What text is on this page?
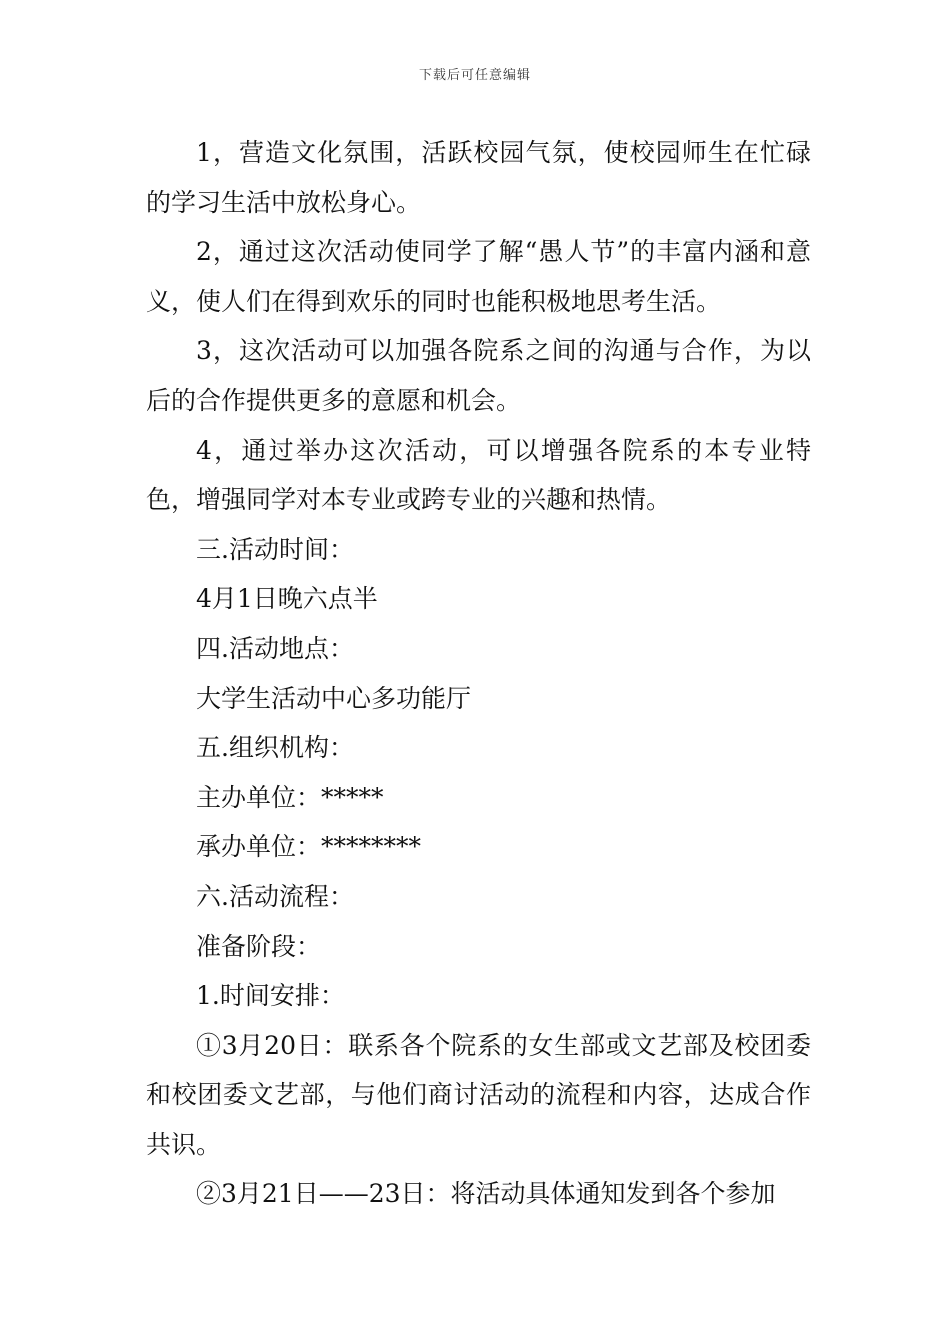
下载后可任意编辑

1，营造文化氛围，活跃校园气氛，使校园师生在忙碌的学习生活中放松身心。

2，通过这次活动使同学了解“愚人节”的丰富内涵和意义，使人们在得到欢乐的同时也能积极地思考生活。

3，这次活动可以加强各院系之间的沟通与合作，为以后的合作提供更多的意愿和机会。

4，通过举办这次活动，可以增强各院系的本专业特色，增强同学对本专业或跨专业的兴趣和热情。

三.活动时间：

4月1日晚六点半

四.活动地点：

大学生活动中心多功能厅

五.组织机构：

主办单位：*****

承办单位：********

六.活动流程：

准备阶段：

1.时间安排：

①3月20日：联系各个院系的女生部或文艺部及校团委和校团委文艺部，与他们商讨活动的流程和内容，达成合作共识。

②3月21日——23日：将活动具体通知发到各个参加
